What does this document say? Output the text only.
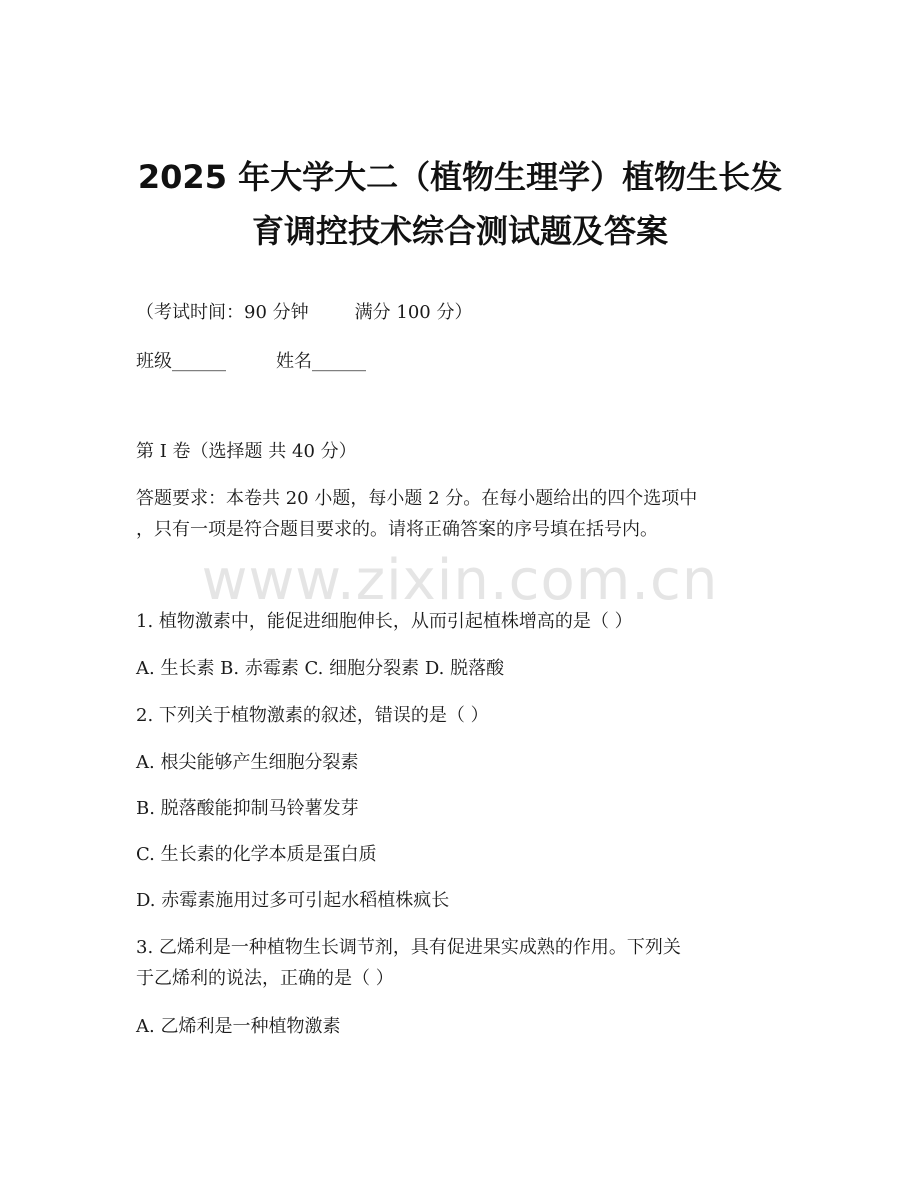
2025 年大学大二（植物生理学）植物生长发
育调控技术综合测试题及答案
（考试时间：90 分钟	满分 100 分）
班级______	姓名______
第 I 卷（选择题 共 40 分）
答题要求：本卷共 20 小题，每小题 2 分。在每小题给出的四个选项中
，只有一项是符合题目要求的。请将正确答案的序号填在括号内。
www.zixin.com.cn
1. 植物激素中，能促进细胞伸长，从而引起植株增高的是（ ）
A. 生长素 B. 赤霉素 C. 细胞分裂素 D. 脱落酸
2. 下列关于植物激素的叙述，错误的是（ ）
A. 根尖能够产生细胞分裂素
B. 脱落酸能抑制马铃薯发芽
C. 生长素的化学本质是蛋白质
D. 赤霉素施用过多可引起水稻植株疯长
3. 乙烯利是一种植物生长调节剂，具有促进果实成熟的作用。下列关
于乙烯利的说法，正确的是（ ）
A. 乙烯利是一种植物激素
